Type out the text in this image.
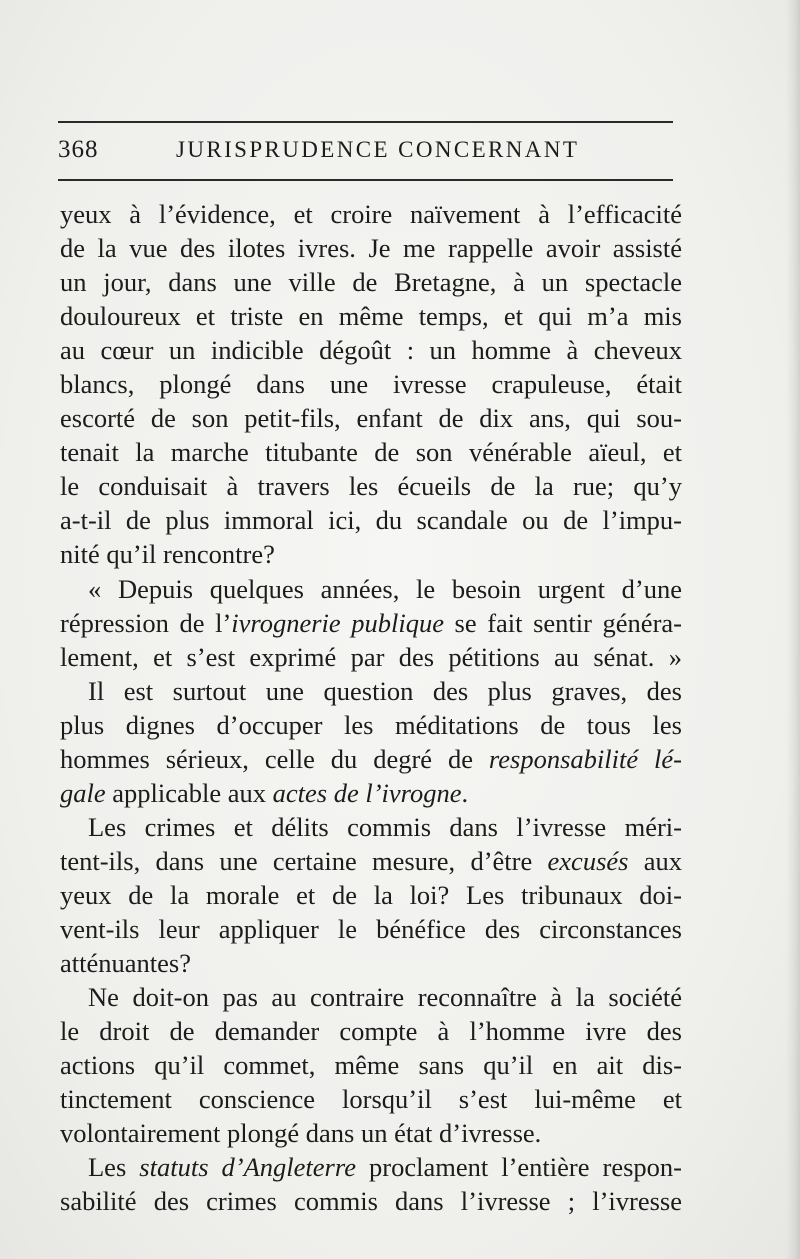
368	JURISPRUDENCE CONCERNANT
yeux à l’évidence, et croire naïvement à l’efficacité
de la vue des ilotes ivres. Je me rappelle avoir assisté
un jour, dans une ville de Bretagne, à un spectacle
douloureux et triste en même temps, et qui m’a mis
au cœur un indicible dégoût : un homme à cheveux
blancs, plongé dans une ivresse crapuleuse, était
escorté de son petit-fils, enfant de dix ans, qui sou-
tenait la marche titubante de son vénérable aïeul, et
le conduisait à travers les écueils de la rue; qu’y
a-t-il de plus immoral ici, du scandale ou de l’impu-
nité qu’il rencontre?
« Depuis quelques années, le besoin urgent d’une
répression de l’ivrognerie publique se fait sentir généra-
lement, et s’est exprimé par des pétitions au sénat. »
Il est surtout une question des plus graves, des
plus dignes d’occuper les méditations de tous les
hommes sérieux, celle du degré de responsabilité lé-
gale applicable aux actes de l’ivrogne.
Les crimes et délits commis dans l’ivresse méri-
tent-ils, dans une certaine mesure, d’être excusés aux
yeux de la morale et de la loi? Les tribunaux doi-
vent-ils leur appliquer le bénéfice des circonstances
atténuantes?
Ne doit-on pas au contraire reconnaître à la société
le droit de demander compte à l’homme ivre des
actions qu’il commet, même sans qu’il en ait dis-
tinctement conscience lorsqu’il s’est lui-même et
volontairement plongé dans un état d’ivresse.
Les statuts d’Angleterre proclament l’entière respon-
sabilité des crimes commis dans l’ivresse ; l’ivresse
